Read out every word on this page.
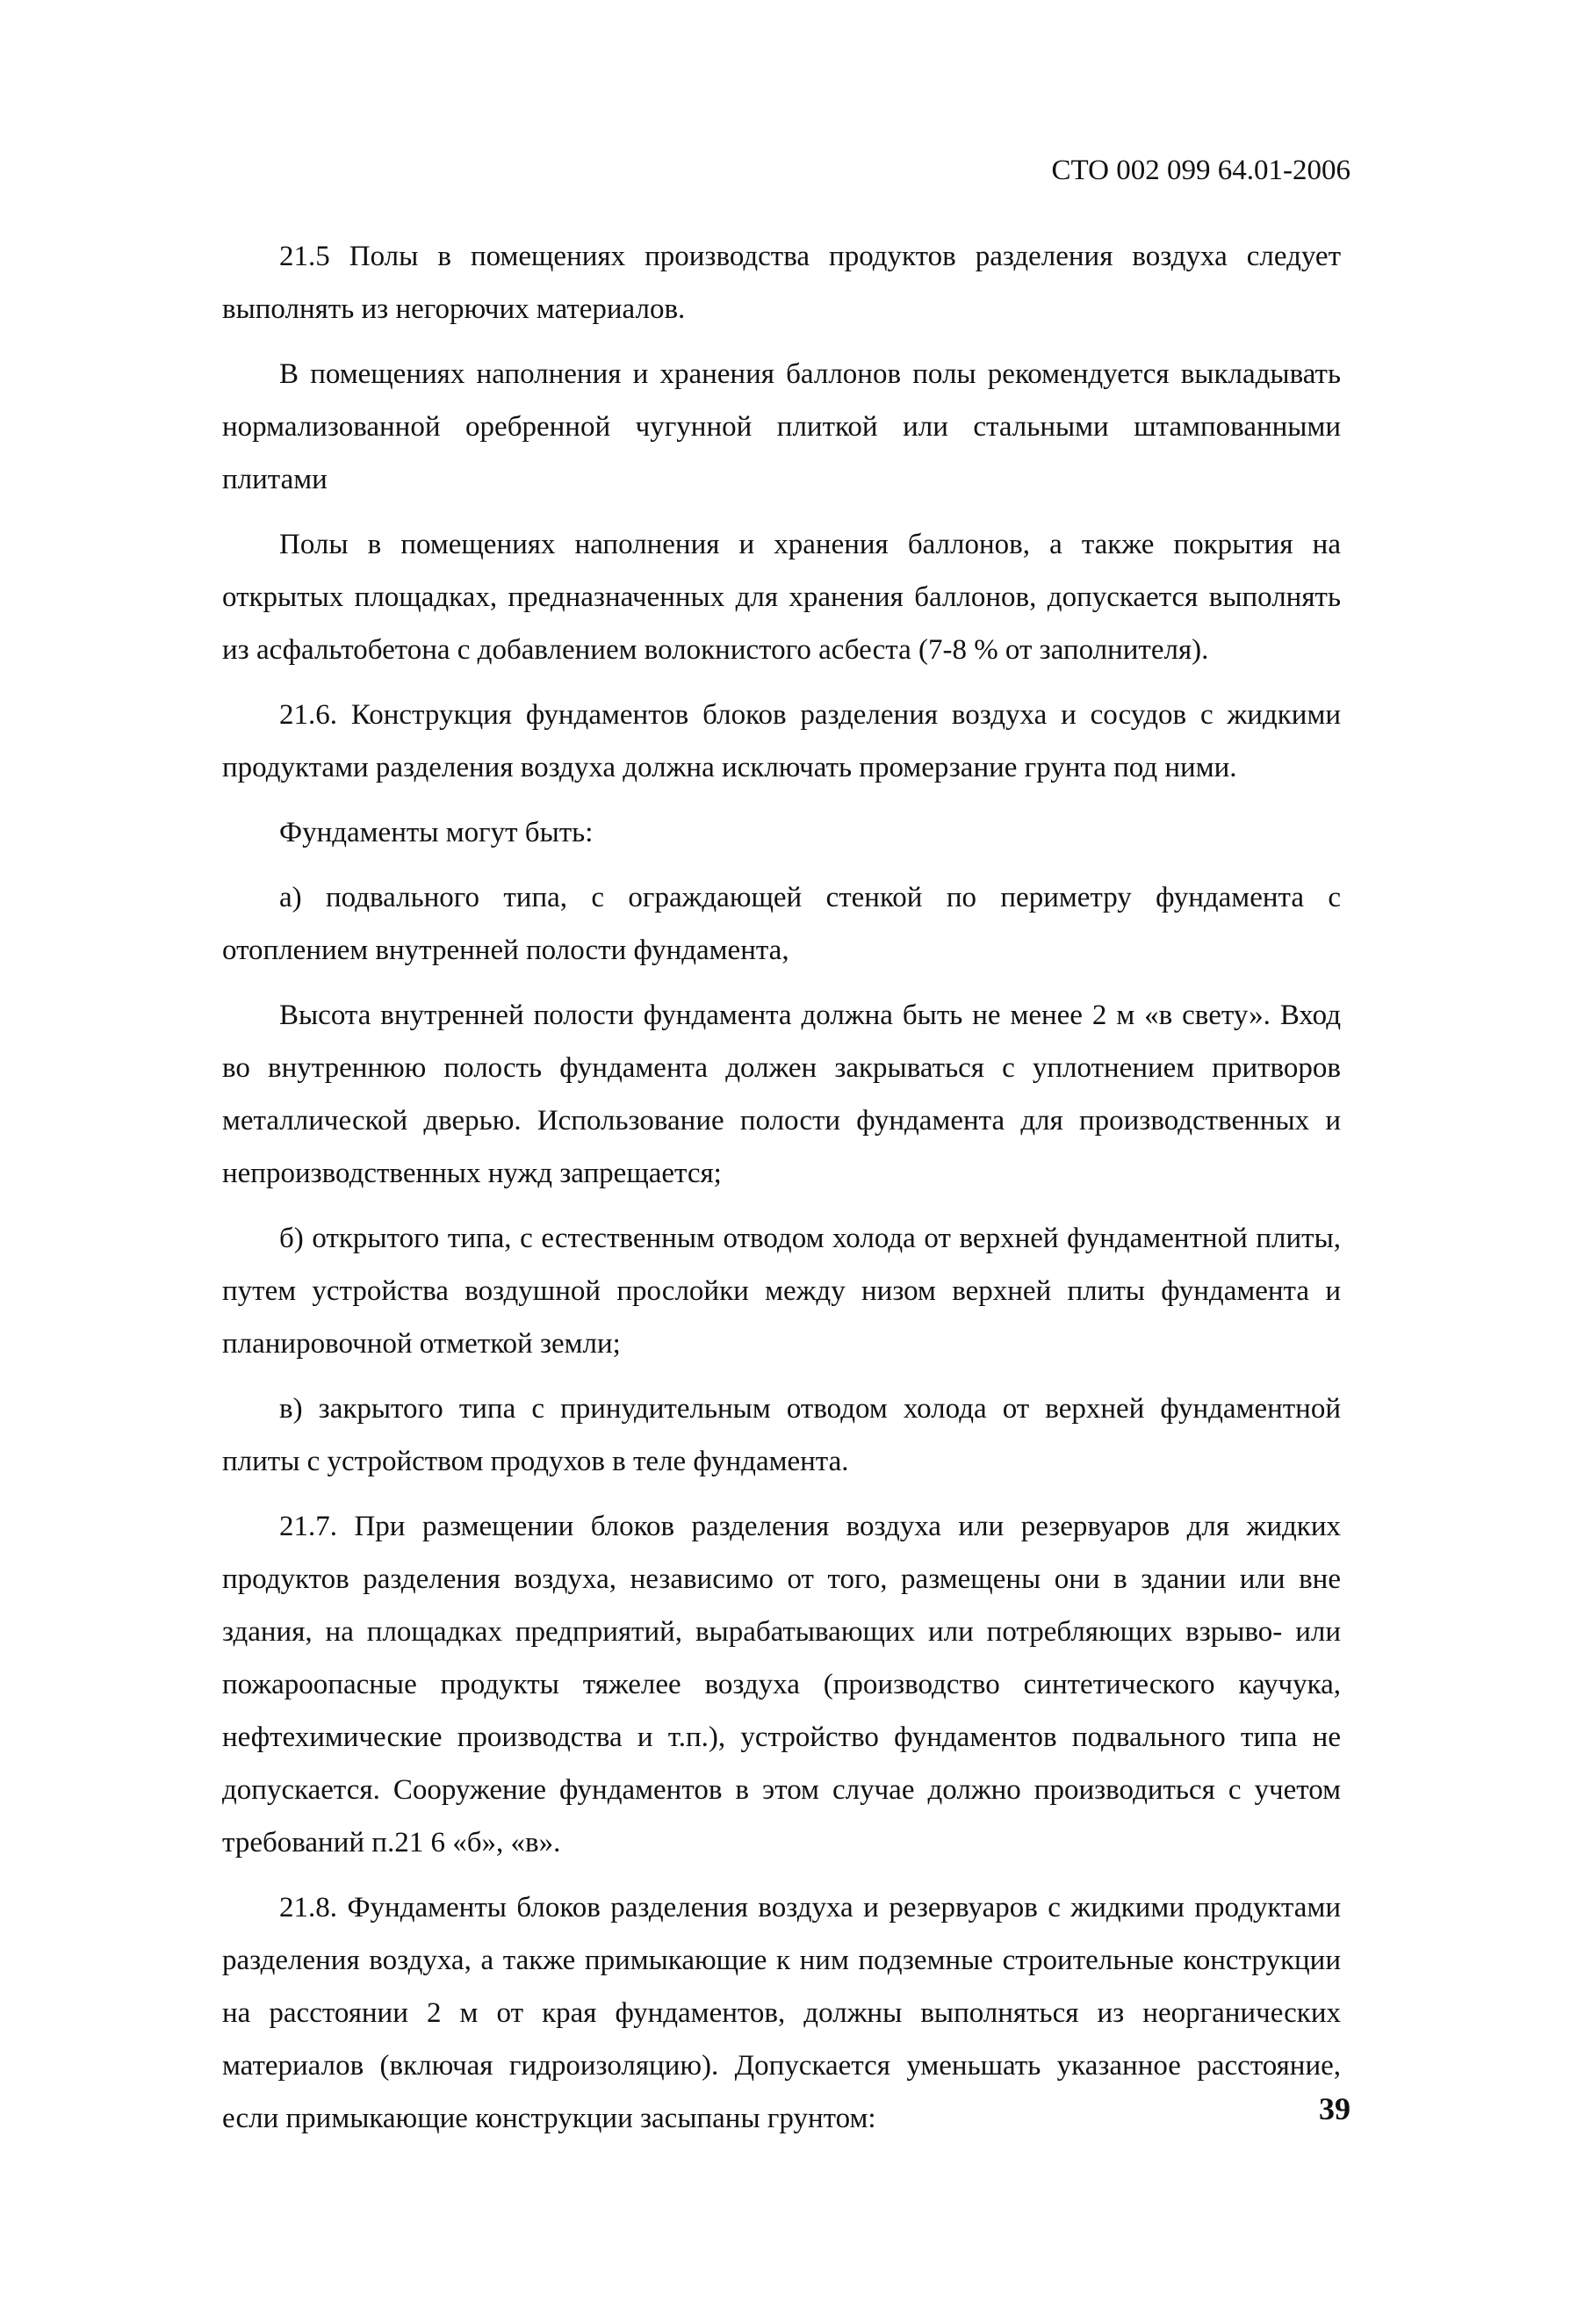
СТО 002 099 64.01-2006

21.5 Полы в помещениях производства продуктов разделения воздуха следует выполнять из негорючих материалов.

В помещениях наполнения и хранения баллонов полы рекомендуется выкладывать нормализованной оребренной чугунной плиткой или стальными штампованными плитами

Полы в помещениях наполнения и хранения баллонов, а также покрытия на открытых площадках, предназначенных для хранения баллонов, допускается выполнять из асфальтобетона с добавлением волокнистого асбеста (7-8 % от заполнителя).

21.6. Конструкция фундаментов блоков разделения воздуха и сосудов с жидкими продуктами разделения воздуха должна исключать промерзание грунта под ними.

Фундаменты могут быть:

а) подвального типа, с ограждающей стенкой по периметру фундамента с отоплением внутренней полости фундамента,

Высота внутренней полости фундамента должна быть не менее 2 м «в свету». Вход во внутреннюю полость фундамента должен закрываться с уплотнением притворов металлической дверью. Использование полости фундамента для производственных и непроизводственных нужд запрещается;

б) открытого типа, с естественным отводом холода от верхней фундаментной плиты, путем устройства воздушной прослойки между низом верхней плиты фундамента и планировочной отметкой земли;

в) закрытого типа с принудительным отводом холода от верхней фундаментной плиты с устройством продухов в теле фундамента.

21.7. При размещении блоков разделения воздуха или резервуаров для жидких продуктов разделения воздуха, независимо от того, размещены они в здании или вне здания, на площадках предприятий, вырабатывающих или потребляющих взрыво- или пожароопасные продукты тяжелее воздуха (производство синтетического каучука, нефтехимические производства и т.п.), устройство фундаментов подвального типа не допускается. Сооружение фундаментов в этом случае должно производиться с учетом требований п.21 6 «б», «в».

21.8. Фундаменты блоков разделения воздуха и резервуаров с жидкими продуктами разделения воздуха, а также примыкающие к ним подземные строительные конструкции на расстоянии 2 м от края фундаментов, должны выполняться из неорганических материалов (включая гидроизоляцию). Допускается уменьшать указанное расстояние, если примыкающие конструкции засыпаны грунтом:	39
